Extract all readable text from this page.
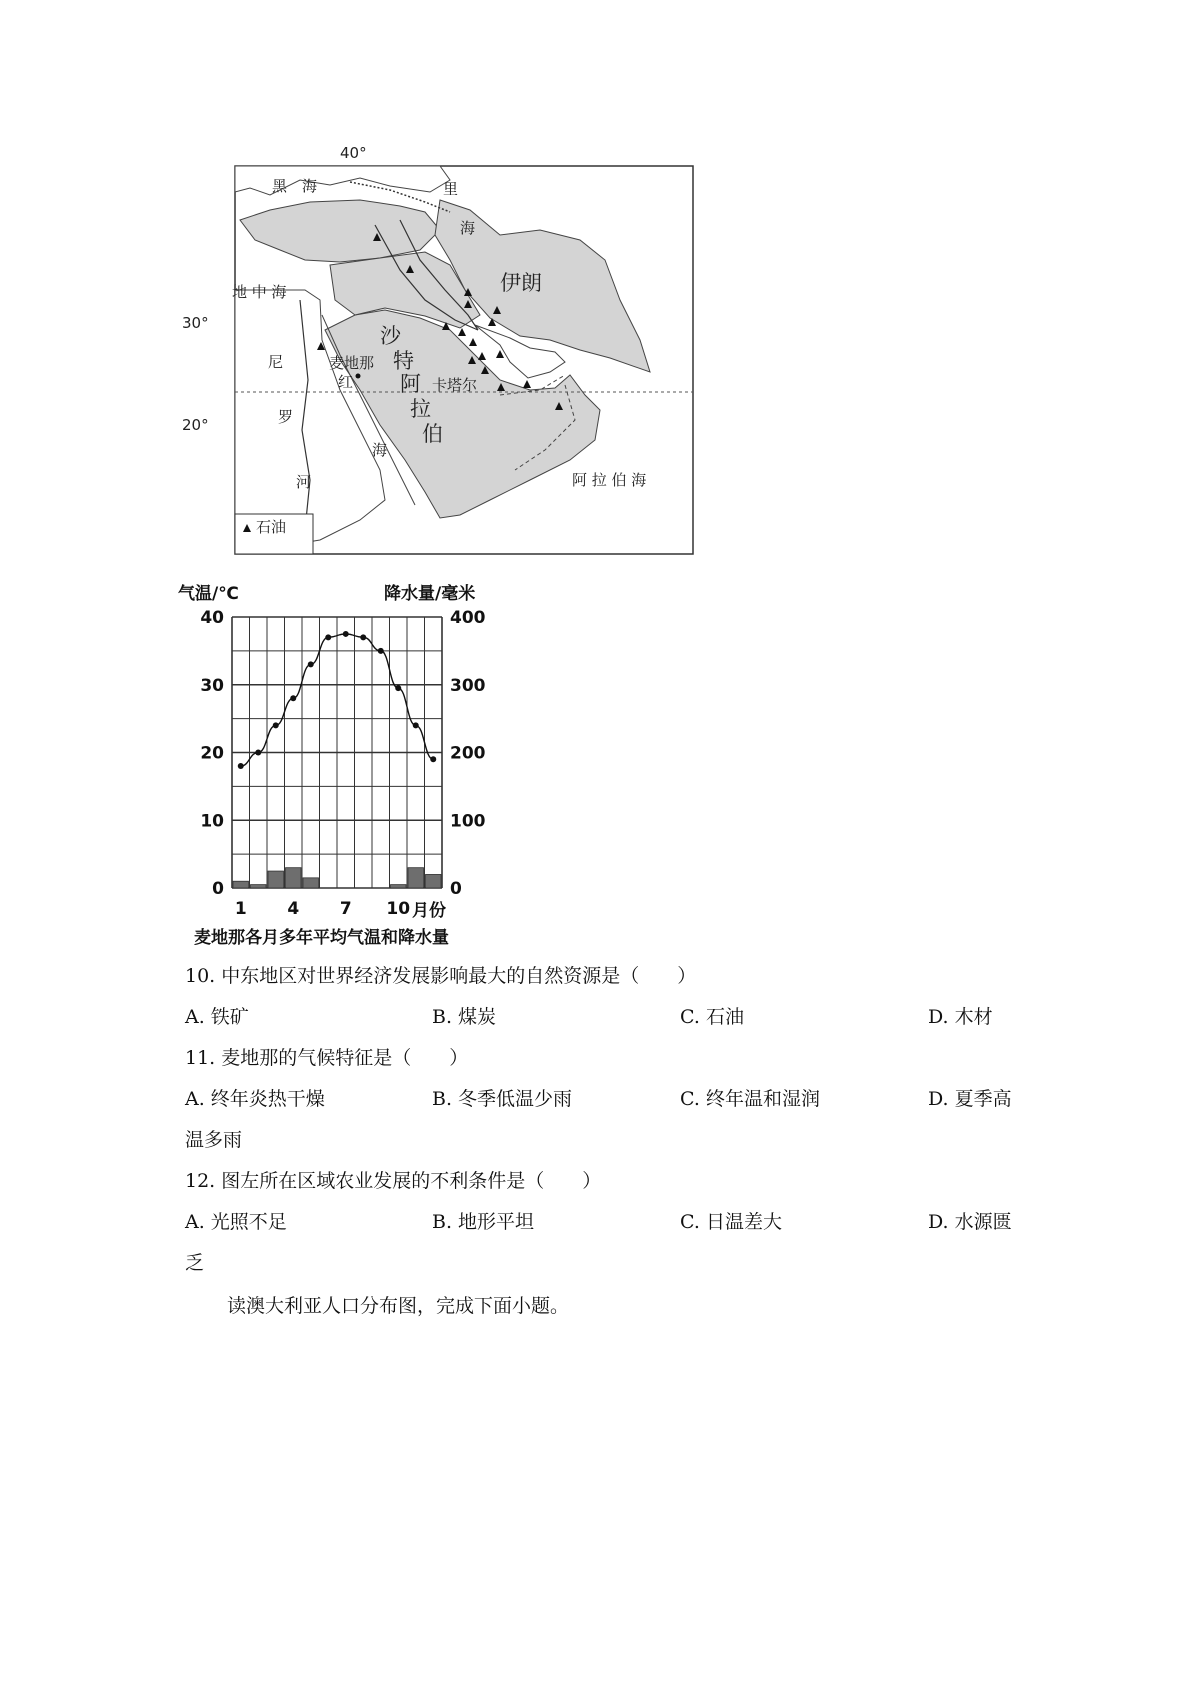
40°
30°
20°
黑　海	里
海
伊朗
地 中 海
沙
特
阿
拉
伯
麦地那
卡塔尔
尼
罗
河
红
海
阿 拉 伯 海
石油
气温/℃	降水量/毫米
0
10
20
30
40
0
100
200
300
400
1 4 7 10 月份
麦地那各月多年平均气温和降水量
10. 中东地区对世界经济发展影响最大的自然资源是（　　）
A. 铁矿	B. 煤炭	C. 石油	D. 木材
11. 麦地那的气候特征是（　　）
A. 终年炎热干燥	B. 冬季低温少雨	C. 终年温和湿润	D. 夏季高
温多雨
12. 图左所在区域农业发展的不利条件是（　　）
A. 光照不足	B. 地形平坦	C. 日温差大	D. 水源匮
乏
读澳大利亚人口分布图，完成下面小题。
